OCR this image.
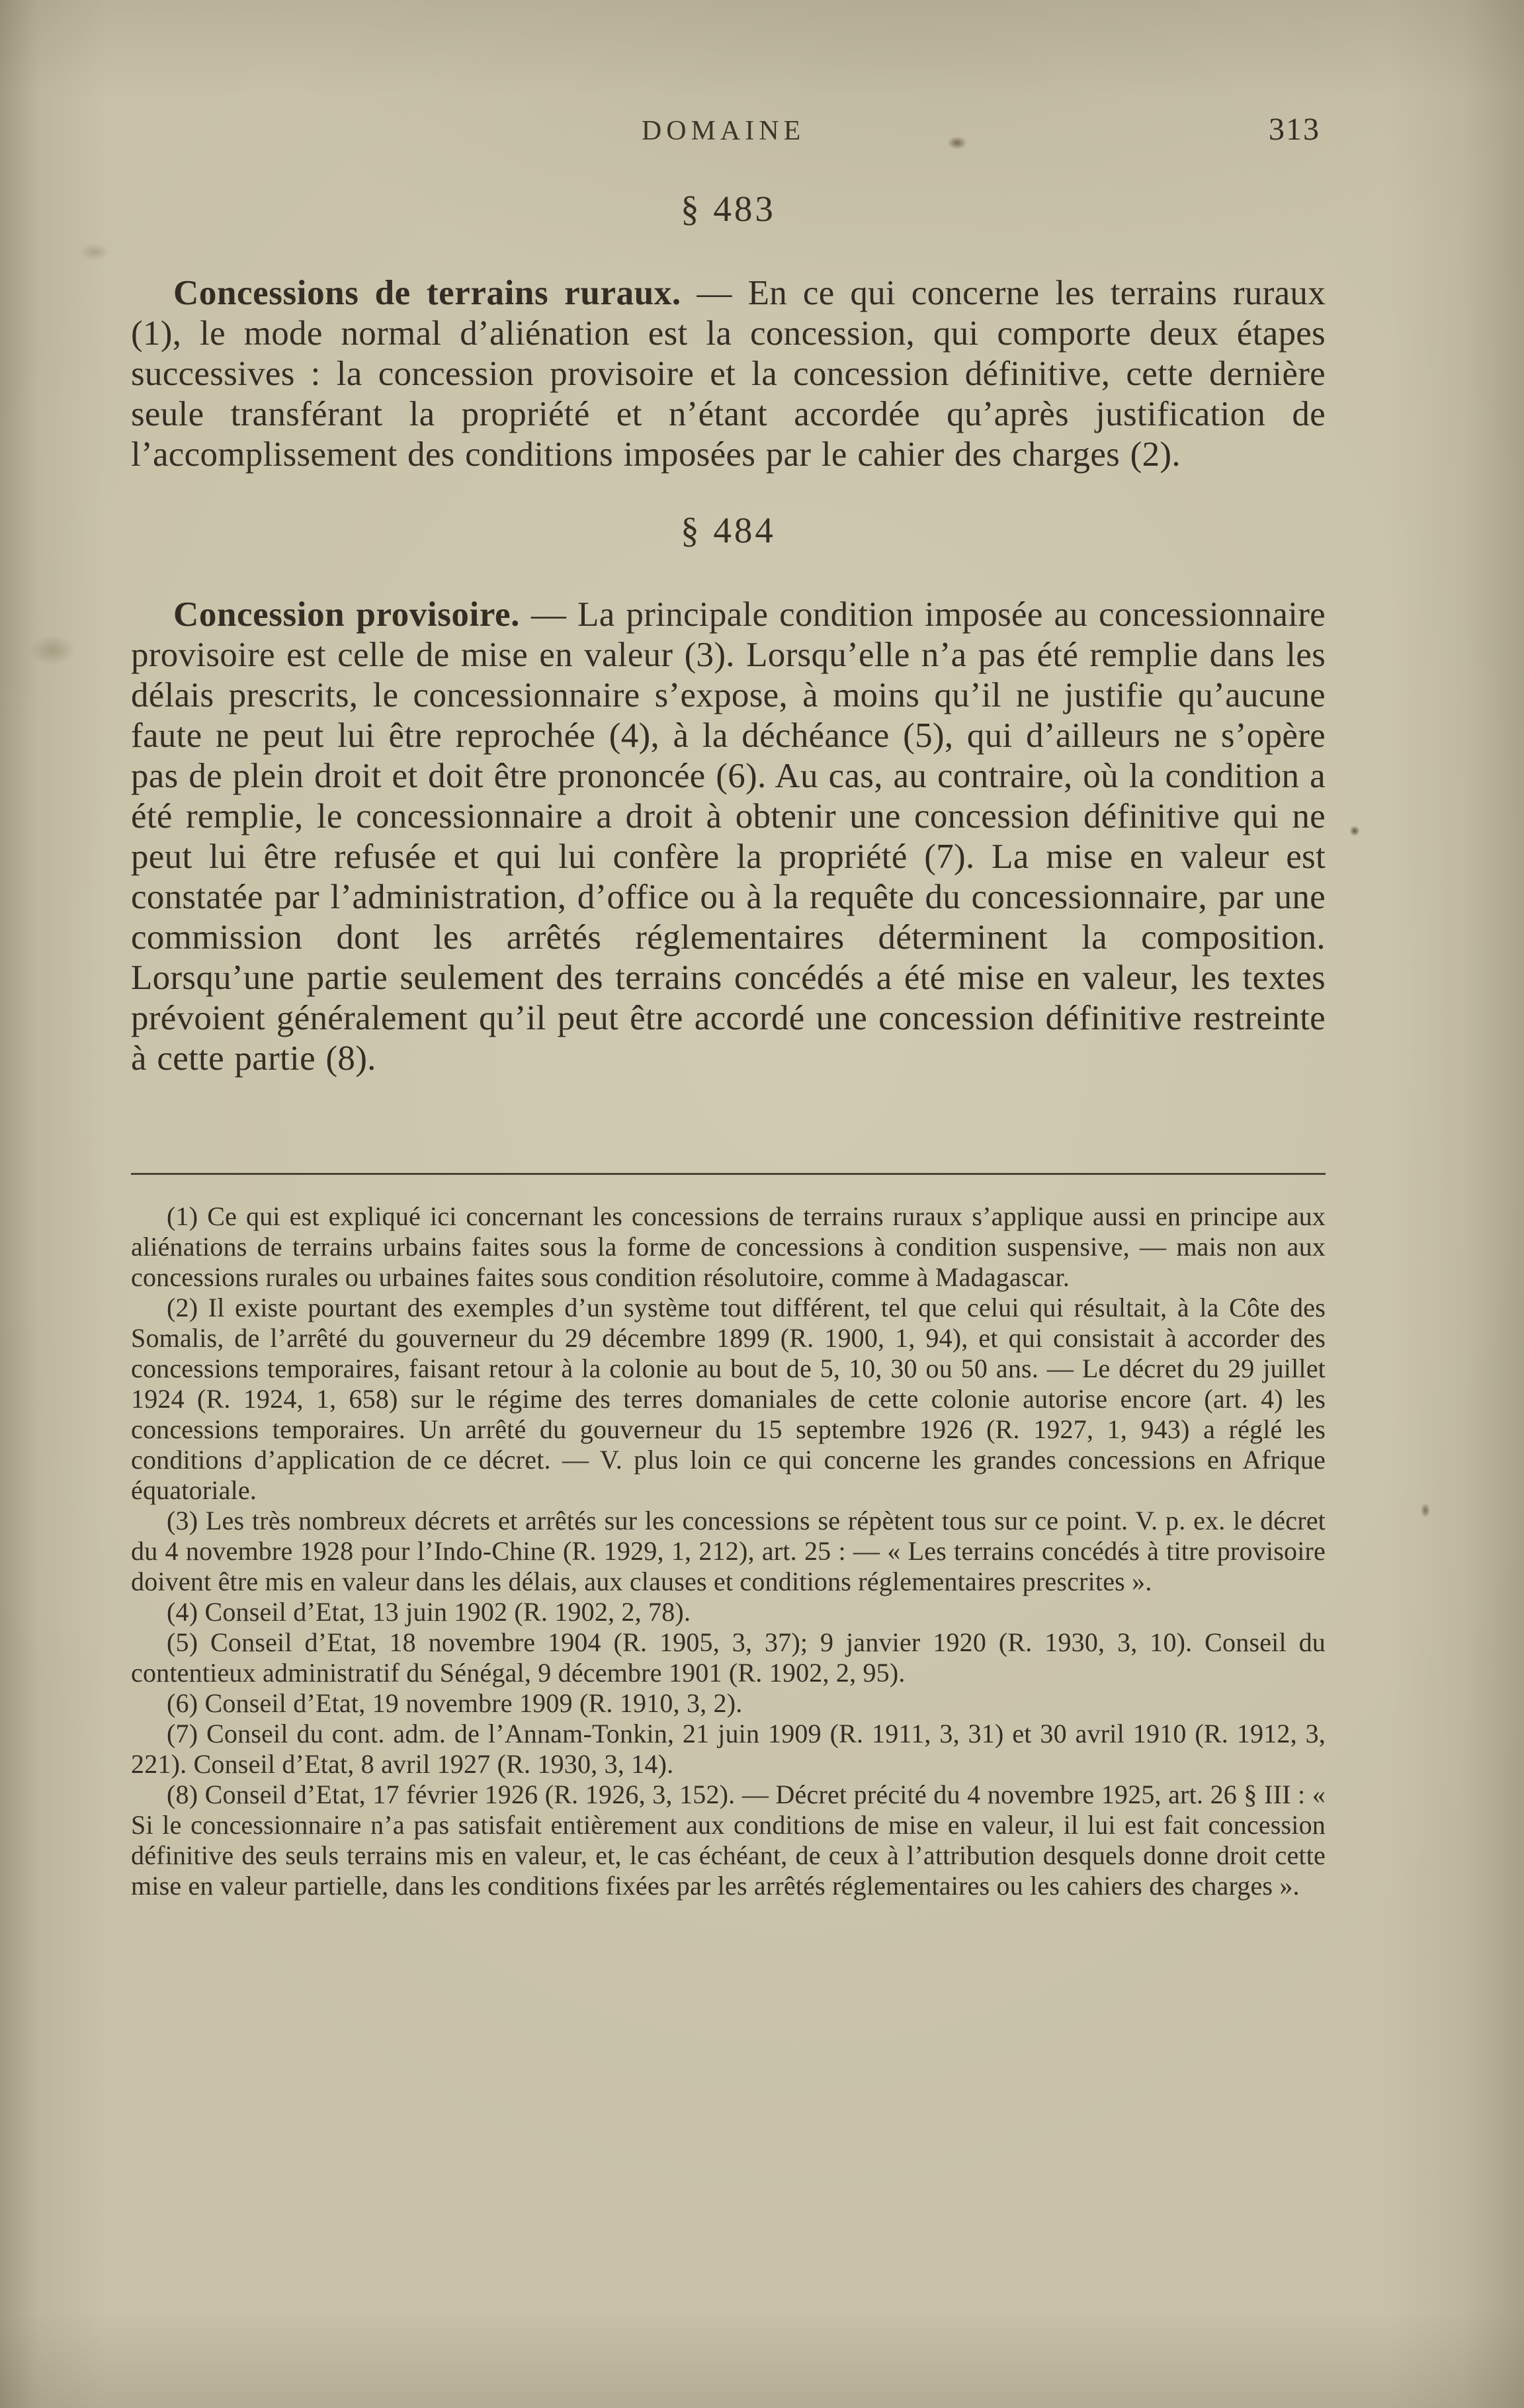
DOMAINE	313
§ 483

Concessions de terrains ruraux. — En ce qui concerne les terrains ruraux (1), le mode normal d’aliénation est la concession, qui comporte deux étapes successives : la concession provisoire et la concession définitive, cette dernière seule transférant la propriété et n’étant accordée qu’après justification de l’accomplissement des conditions imposées par le cahier des charges (2).

§ 484

Concession provisoire. — La principale condition imposée au concessionnaire provisoire est celle de mise en valeur (3). Lorsqu’elle n’a pas été remplie dans les délais prescrits, le concessionnaire s’expose, à moins qu’il ne justifie qu’aucune faute ne peut lui être reprochée (4), à la déchéance (5), qui d’ailleurs ne s’opère pas de plein droit et doit être prononcée (6). Au cas, au contraire, où la condition a été remplie, le concessionnaire a droit à obtenir une concession définitive qui ne peut lui être refusée et qui lui confère la propriété (7). La mise en valeur est constatée par l’administration, d’office ou à la requête du concessionnaire, par une commission dont les arrêtés réglementaires déterminent la composition. Lorsqu’une partie seulement des terrains concédés a été mise en valeur, les textes prévoient généralement qu’il peut être accordé une concession définitive restreinte à cette partie (8).

(1) Ce qui est expliqué ici concernant les concessions de terrains ruraux s’applique aussi en principe aux aliénations de terrains urbains faites sous la forme de concessions à condition suspensive, — mais non aux concessions rurales ou urbaines faites sous condition résolutoire, comme à Madagascar.

(2) Il existe pourtant des exemples d’un système tout différent, tel que celui qui résultait, à la Côte des Somalis, de l’arrêté du gouverneur du 29 décembre 1899 (R. 1900, 1, 94), et qui consistait à accorder des concessions temporaires, faisant retour à la colonie au bout de 5, 10, 30 ou 50 ans. — Le décret du 29 juillet 1924 (R. 1924, 1, 658) sur le régime des terres domaniales de cette colonie autorise encore (art. 4) les concessions temporaires. Un arrêté du gouverneur du 15 septembre 1926 (R. 1927, 1, 943) a réglé les conditions d’application de ce décret. — V. plus loin ce qui concerne les grandes concessions en Afrique équatoriale.

(3) Les très nombreux décrets et arrêtés sur les concessions se répètent tous sur ce point. V. p. ex. le décret du 4 novembre 1928 pour l’Indo-Chine (R. 1929, 1, 212), art. 25 : — « Les terrains concédés à titre provisoire doivent être mis en valeur dans les délais, aux clauses et conditions réglementaires prescrites ».

(4) Conseil d’Etat, 13 juin 1902 (R. 1902, 2, 78).

(5) Conseil d’Etat, 18 novembre 1904 (R. 1905, 3, 37); 9 janvier 1920 (R. 1930, 3, 10). Conseil du contentieux administratif du Sénégal, 9 décembre 1901 (R. 1902, 2, 95).

(6) Conseil d’Etat, 19 novembre 1909 (R. 1910, 3, 2).

(7) Conseil du cont. adm. de l’Annam-Tonkin, 21 juin 1909 (R. 1911, 3, 31) et 30 avril 1910 (R. 1912, 3, 221). Conseil d’Etat, 8 avril 1927 (R. 1930, 3, 14).

(8) Conseil d’Etat, 17 février 1926 (R. 1926, 3, 152). — Décret précité du 4 novembre 1925, art. 26 § III : « Si le concessionnaire n’a pas satisfait entièrement aux conditions de mise en valeur, il lui est fait concession définitive des seuls terrains mis en valeur, et, le cas échéant, de ceux à l’attribution desquels donne droit cette mise en valeur partielle, dans les conditions fixées par les arrêtés réglementaires ou les cahiers des charges ».
